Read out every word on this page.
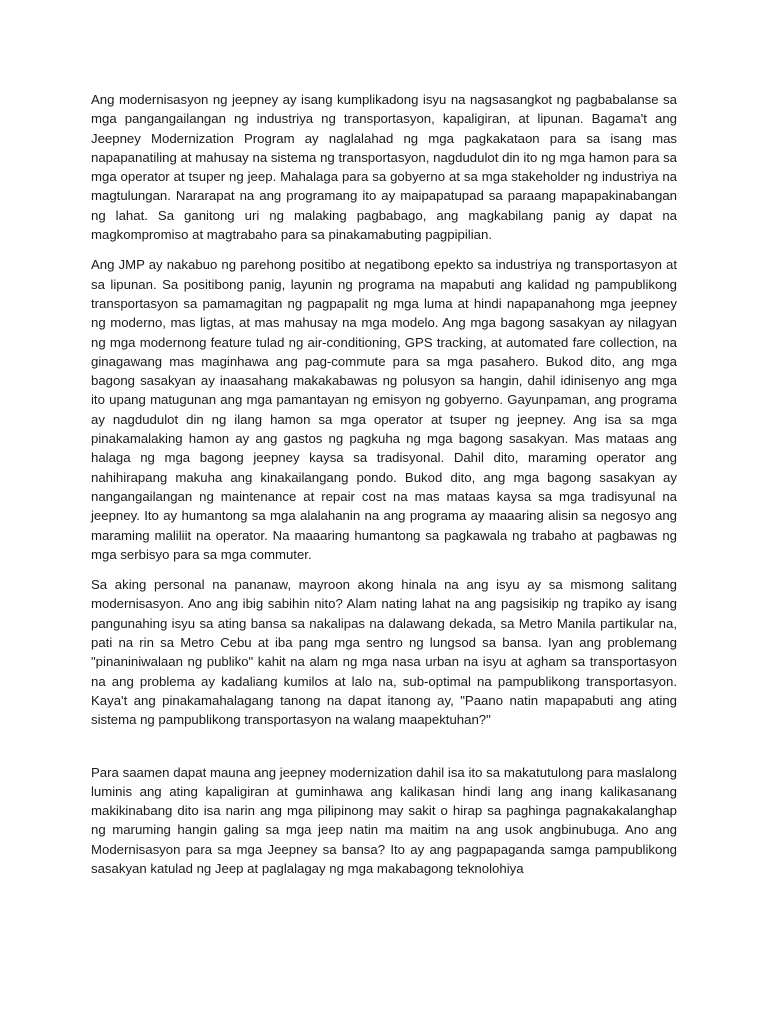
Ang modernisasyon ng jeepney ay isang kumplikadong isyu na nagsasangkot ng pagbabalanse sa mga pangangailangan ng industriya ng transportasyon, kapaligiran, at lipunan. Bagama't ang Jeepney Modernization Program ay naglalahad ng mga pagkakataon para sa isang mas napapanatiling at mahusay na sistema ng transportasyon, nagdudulot din ito ng mga hamon para sa mga operator at tsuper ng jeep. Mahalaga para sa gobyerno at sa mga stakeholder ng industriya na magtulungan. Nararapat na ang programang ito ay maipapatupad sa paraang mapapakinabangan ng lahat. Sa ganitong uri ng malaking pagbabago, ang magkabilang panig ay dapat na magkompromiso at magtrabaho para sa pinakamabuting pagpipilian.

Ang JMP ay nakabuo ng parehong positibo at negatibong epekto sa industriya ng transportasyon at sa lipunan. Sa positibong panig, layunin ng programa na mapabuti ang kalidad ng pampublikong transportasyon sa pamamagitan ng pagpapalit ng mga luma at hindi napapanahong mga jeepney ng moderno, mas ligtas, at mas mahusay na mga modelo. Ang mga bagong sasakyan ay nilagyan ng mga modernong feature tulad ng air-conditioning, GPS tracking, at automated fare collection, na ginagawang mas maginhawa ang pag-commute para sa mga pasahero. Bukod dito, ang mga bagong sasakyan ay inaasahang makakabawas ng polusyon sa hangin, dahil idinisenyo ang mga ito upang matugunan ang mga pamantayan ng emisyon ng gobyerno. Gayunpaman, ang programa ay nagdudulot din ng ilang hamon sa mga operator at tsuper ng jeepney. Ang isa sa mga pinakamalaking hamon ay ang gastos ng pagkuha ng mga bagong sasakyan. Mas mataas ang halaga ng mga bagong jeepney kaysa sa tradisyonal. Dahil dito, maraming operator ang nahihirapang makuha ang kinakailangang pondo. Bukod dito, ang mga bagong sasakyan ay nangangailangan ng maintenance at repair cost na mas mataas kaysa sa mga tradisyunal na jeepney. Ito ay humantong sa mga alalahanin na ang programa ay maaaring alisin sa negosyo ang maraming maliliit na operator. Na maaaring humantong sa pagkawala ng trabaho at pagbawas ng mga serbisyo para sa mga commuter.

Sa aking personal na pananaw, mayroon akong hinala na ang isyu ay sa mismong salitang modernisasyon. Ano ang ibig sabihin nito? Alam nating lahat na ang pagsisikip ng trapiko ay isang pangunahing isyu sa ating bansa sa nakalipas na dalawang dekada, sa Metro Manila partikular na, pati na rin sa Metro Cebu at iba pang mga sentro ng lungsod sa bansa. Iyan ang problemang "pinaniniwalaan ng publiko" kahit na alam ng mga nasa urban na isyu at agham sa transportasyon na ang problema ay kadaliang kumilos at lalo na, sub-optimal na pampublikong transportasyon. Kaya't ang pinakamahalagang tanong na dapat itanong ay, "Paano natin mapapabuti ang ating sistema ng pampublikong transportasyon na walang maapektuhan?"

Para saamen dapat mauna ang jeepney modernization dahil isa ito sa makatutulong para maslalong luminis ang ating kapaligiran at guminhawa ang kalikasan hindi lang ang inang kalikasanang makikinabang dito isa narin ang mga pilipinong may sakit o hirap sa paghinga pagnakakalanghap ng maruming hangin galing sa mga jeep natin ma maitim na ang usok angbinubuga. Ano ang Modernisasyon para sa mga Jeepney sa bansa? Ito ay ang pagpapaganda samga pampublikong sasakyan katulad ng Jeep at paglalagay ng mga makabagong teknolohiya
